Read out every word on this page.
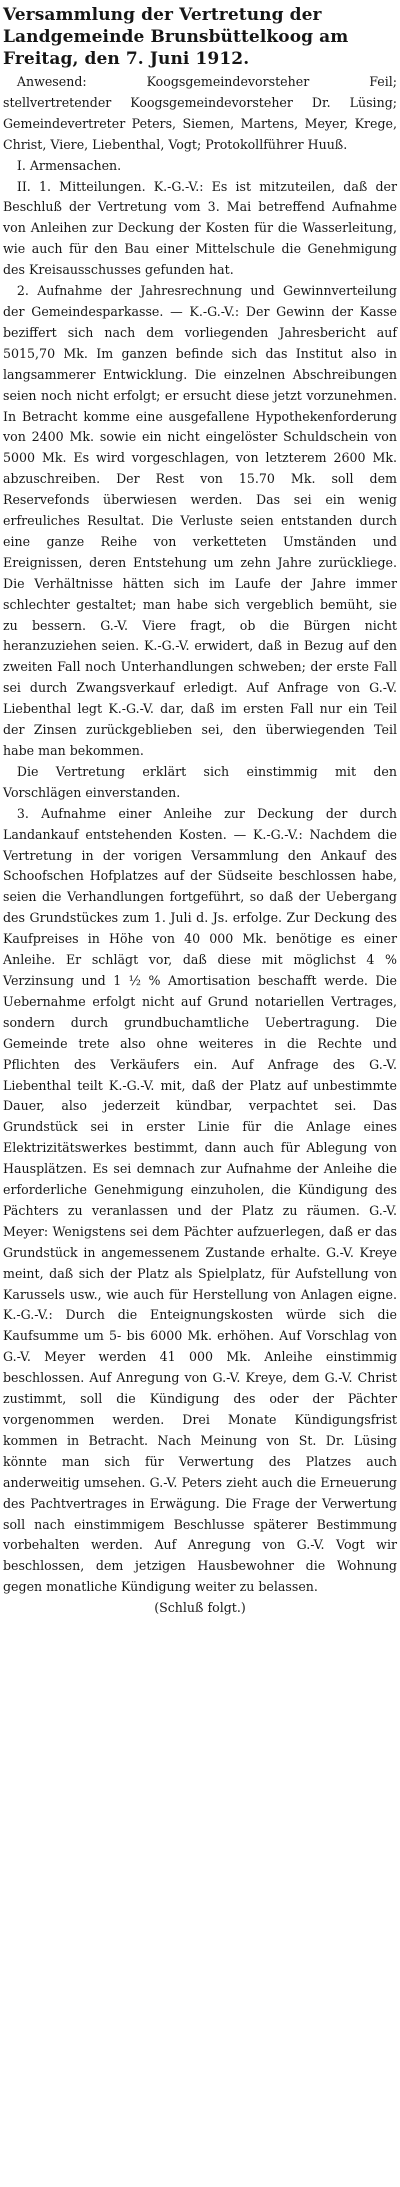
Versammlung der Vertretung der
Landgemeinde Brunsbüttelkoog am
Freitag, den 7. Juni 1912.

Anwesend: Koogsgemeindevorsteher Feil; stellvertretender Koogsgemeindevorsteher Dr. Lüsing; Gemeindevertreter Peters, Siemen, Martens, Meyer, Krege, Christ, Viere, Liebenthal, Vogt; Protokollführer Huuß.

I. Armensachen.

II. 1. Mitteilungen. K.-G.-V.: Es ist mitzuteilen, daß der Beschluß der Vertretung vom 3. Mai betreffend Aufnahme von Anleihen zur Deckung der Kosten für die Wasserleitung, wie auch für den Bau einer Mittelschule die Genehmigung des Kreisausschusses gefunden hat.

2. Aufnahme der Jahresrechnung und Gewinnverteilung der Gemeindesparkasse. — K.-G.-V.: Der Gewinn der Kasse beziffert sich nach dem vorliegenden Jahresbericht auf 5015,70 Mk. Im ganzen befinde sich das Institut also in langsammerer Entwicklung. Die einzelnen Abschreibungen seien noch nicht erfolgt; er ersucht diese jetzt vorzunehmen. In Betracht komme eine ausgefallene Hypothekenforderung von 2400 Mk. sowie ein nicht eingelöster Schuldschein von 5000 Mk. Es wird vorgeschlagen, von letzterem 2600 Mk. abzuschreiben. Der Rest von 15.70 Mk. soll dem Reservefonds überwiesen werden. Das sei ein wenig erfreuliches Resultat. Die Verluste seien entstanden durch eine ganze Reihe von verketteten Umständen und Ereignissen, deren Entstehung um zehn Jahre zurückliege. Die Verhältnisse hätten sich im Laufe der Jahre immer schlechter gestaltet; man habe sich vergeblich bemüht, sie zu bessern. G.-V. Viere fragt, ob die Bürgen nicht heranzuziehen seien. K.-G.-V. erwidert, daß in Bezug auf den zweiten Fall noch Unterhandlungen schweben; der erste Fall sei durch Zwangsverkauf erledigt. Auf Anfrage von G.-V. Liebenthal legt K.-G.-V. dar, daß im ersten Fall nur ein Teil der Zinsen zurückgeblieben sei, den überwiegenden Teil habe man bekommen.

Die Vertretung erklärt sich einstimmig mit den Vorschlägen einverstanden.

3. Aufnahme einer Anleihe zur Deckung der durch Landankauf entstehenden Kosten. — K.-G.-V.: Nachdem die Vertretung in der vorigen Versammlung den Ankauf des Schoofschen Hofplatzes auf der Südseite beschlossen habe, seien die Verhandlungen fortgeführt, so daß der Uebergang des Grundstückes zum 1. Juli d. Js. erfolge. Zur Deckung des Kaufpreises in Höhe von 40 000 Mk. benötige es einer Anleihe. Er schlägt vor, daß diese mit möglichst 4 % Verzinsung und 1 ½ % Amortisation beschafft werde. Die Uebernahme erfolgt nicht auf Grund notariellen Vertrages, sondern durch grundbuchamtliche Uebertragung. Die Gemeinde trete also ohne weiteres in die Rechte und Pflichten des Verkäufers ein. Auf Anfrage des G.-V. Liebenthal teilt K.-G.-V. mit, daß der Platz auf unbestimmte Dauer, also jederzeit kündbar, verpachtet sei. Das Grundstück sei in erster Linie für die Anlage eines Elektrizitätswerkes bestimmt, dann auch für Ablegung von Hausplätzen. Es sei demnach zur Aufnahme der Anleihe die erforderliche Genehmigung einzuholen, die Kündigung des Pächters zu veranlassen und der Platz zu räumen. G.-V. Meyer: Wenigstens sei dem Pächter aufzuerlegen, daß er das Grundstück in angemessenem Zustande erhalte. G.-V. Kreye meint, daß sich der Platz als Spielplatz, für Aufstellung von Karussels usw., wie auch für Herstellung von Anlagen eigne. K.-G.-V.: Durch die Enteignungskosten würde sich die Kaufsumme um 5- bis 6000 Mk. erhöhen. Auf Vorschlag von G.-V. Meyer werden 41 000 Mk. Anleihe einstimmig beschlossen. Auf Anregung von G.-V. Kreye, dem G.-V. Christ zustimmt, soll die Kündigung des oder der Pächter vorgenommen werden. Drei Monate Kündigungsfrist kommen in Betracht. Nach Meinung von St. Dr. Lüsing könnte man sich für Verwertung des Platzes auch anderweitig umsehen. G.-V. Peters zieht auch die Erneuerung des Pachtvertrages in Erwägung. Die Frage der Verwertung soll nach einstimmigem Beschlusse späterer Bestimmung vorbehalten werden. Auf Anregung von G.-V. Vogt wir beschlossen, dem jetzigen Hausbewohner die Wohnung gegen monatliche Kündigung weiter zu belassen.

(Schluß folgt.)
